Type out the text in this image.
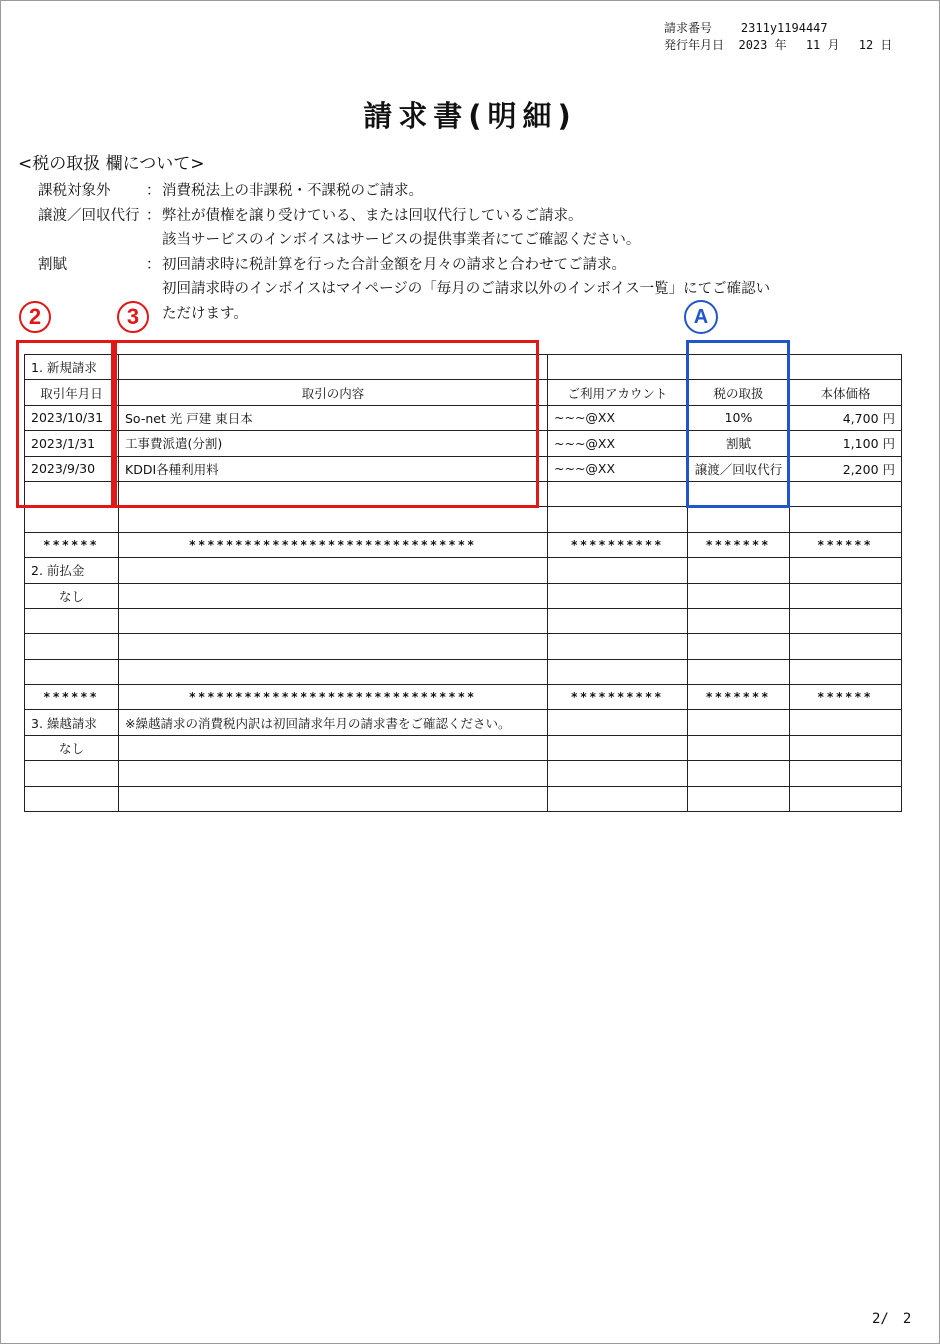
請求番号 2311y1194447
発行年月日 2023 年　 11 月　 12 日
請求書(明細)
<税の取扱 欄について>
課税対象外 ： 消費税法上の非課税・不課税のご請求。
譲渡／回収代行 ： 弊社が債権を譲り受けている、または回収代行しているご請求。
該当サービスのインボイスはサービスの提供事業者にてご確認ください。
割賦	： 初回請求時に税計算を行った合計金額を月々の請求と合わせてご請求。
初回請求時のインボイスはマイページの「毎月のご請求以外のインボイス一覧」にてご確認い
ただけます。
2	3	A
1. 新規請求				
取引年月日	取引の内容	ご利用アカウント	税の取扱	本体価格
2023/10/31	So-net 光 戸建 東日本	~~~@XX	10%	4,700 円
2023/1/31	工事費派遣(分割)	~~~@XX	割賦	1,100 円
2023/9/30	KDDI各種利用料	~~~@XX	譲渡／回収代行	2,200 円

******	*******************************	**********	*******	******
2. 前払金				
なし				

******	*******************************	**********	*******	******
3. 繰越請求	※繰越請求の消費税内訳は初回請求年月の請求書をご確認ください。			
なし				

2/　2
